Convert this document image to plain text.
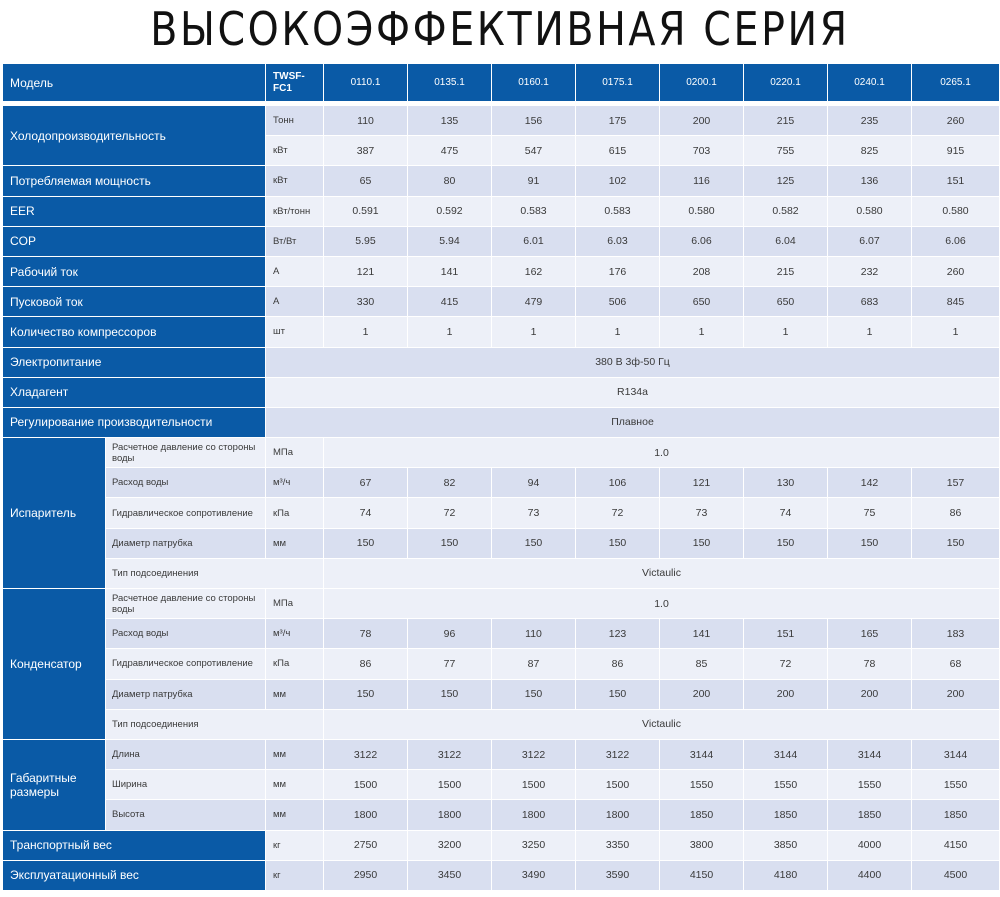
ВЫСОКОЭФФЕКТИВНАЯ СЕРИЯ
Модель		TWSF-FC1	0110.1	0135.1	0160.1	0175.1	0200.1	0220.1	0240.1	0265.1

Холодопроизводительность		Тонн	110	135	156	175	200	215	235	260
		кВт	387	475	547	615	703	755	825	915
Потребляемая мощность		кВт	65	80	91	102	116	125	136	151
EER		кВт/тонн	0.591	0.592	0.583	0.583	0.580	0.582	0.580	0.580
COP		Вт/Вт	5.95	5.94	6.01	6.03	6.06	6.04	6.07	6.06
Рабочий ток		A	121	141	162	176	208	215	232	260
Пусковой ток		A	330	415	479	506	650	650	683	845
Количество компрессоров		шт	1	1	1	1	1	1	1	1
Электропитание		380 В 3ф-50 Гц								
Хладагент		R134a								
Регулирование производительности		Плавное								
Испаритель	Расчетное давление со стороны воды	МПа	1.0							
	Расход воды	м³/ч	67	82	94	106	121	130	142	157
	Гидравлическое сопротивление	кПа	74	72	73	72	73	74	75	86
	Диаметр патрубка	мм	150	150	150	150	150	150	150	150
	Тип подсоединения		Victaulic							
Конденсатор	Расчетное давление со стороны воды	МПа	1.0							
	Расход воды	м³/ч	78	96	110	123	141	151	165	183
	Гидравлическое сопротивление	кПа	86	77	87	86	85	72	78	68
	Диаметр патрубка	мм	150	150	150	150	200	200	200	200
	Тип подсоединения		Victaulic							
Габаритные размеры	Длина	мм	3122	3122	3122	3122	3144	3144	3144	3144
	Ширина	мм	1500	1500	1500	1500	1550	1550	1550	1550
	Высота	мм	1800	1800	1800	1800	1850	1850	1850	1850
Транспортный вес		кг	2750	3200	3250	3350	3800	3850	4000	4150
Эксплуатационный вес		кг	2950	3450	3490	3590	4150	4180	4400	4500
